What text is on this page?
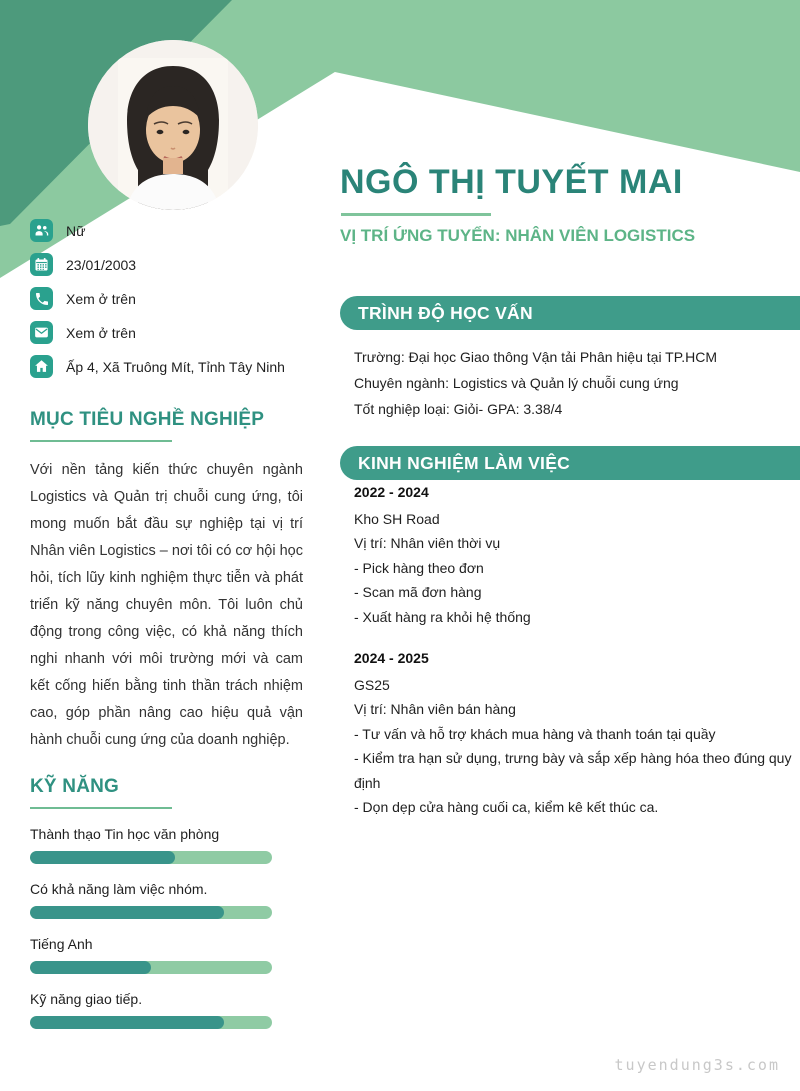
NGÔ THỊ TUYẾT MAI
VỊ TRÍ ỨNG TUYỂN: NHÂN VIÊN LOGISTICS
Nữ
23/01/2003
Xem ở trên
Xem ở trên
Ấp 4, Xã Truông Mít, Tỉnh Tây Ninh
MỤC TIÊU NGHỀ NGHIỆP
Với nền tảng kiến thức chuyên ngành Logistics và Quản trị chuỗi cung ứng, tôi mong muốn bắt đầu sự nghiệp tại vị trí Nhân viên Logistics – nơi tôi có cơ hội học hỏi, tích lũy kinh nghiệm thực tiễn và phát triển kỹ năng chuyên môn. Tôi luôn chủ động trong công việc, có khả năng thích nghi nhanh với môi trường mới và cam kết cống hiến bằng tinh thần trách nhiệm cao, góp phần nâng cao hiệu quả vận hành chuỗi cung ứng của doanh nghiệp.
KỸ NĂNG
Thành thạo Tin học văn phòng
Có khả năng làm việc nhóm.
Tiếng Anh
Kỹ năng giao tiếp.
TRÌNH ĐỘ HỌC VẤN
Trường: Đại học Giao thông Vận tải Phân hiệu tại TP.HCM
Chuyên ngành: Logistics và Quản lý chuỗi cung ứng
Tốt nghiệp loại: Giỏi- GPA: 3.38/4
KINH NGHIỆM LÀM VIỆC
2022 - 2024
Kho SH Road
Vị trí: Nhân viên thời vụ
- Pick hàng theo đơn
- Scan mã đơn hàng
- Xuất hàng ra khỏi hệ thống
2024 - 2025
GS25
Vị trí: Nhân viên bán hàng
- Tư vấn và hỗ trợ khách mua hàng và thanh toán tại quầy
- Kiểm tra hạn sử dụng, trưng bày và sắp xếp hàng hóa theo đúng quy định
- Dọn dẹp cửa hàng cuối ca, kiểm kê kết thúc ca.
tuyendung3s.com
